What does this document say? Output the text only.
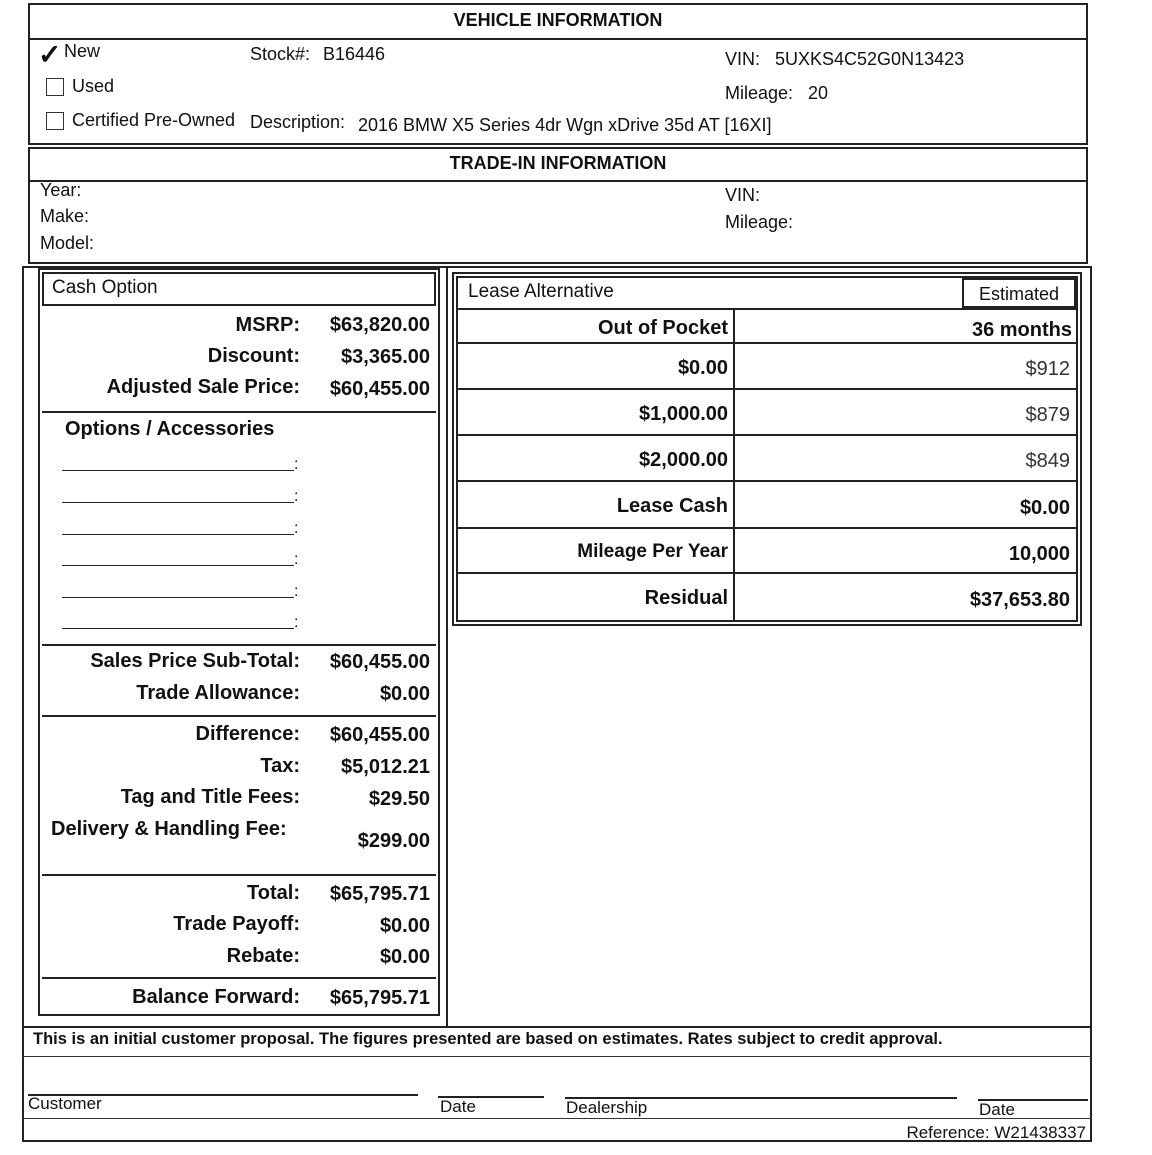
VEHICLE INFORMATION
✓ New
Used
Certified Pre-Owned
Stock#: B16446	VIN: 5UXKS4C52G0N13423
Mileage: 20
Description: 2016 BMW X5 Series 4dr Wgn xDrive 35d AT [16XI]
TRADE-IN INFORMATION
Year:
Make:
Model:
VIN:
Mileage:
Cash Option
MSRP:	$63,820.00
Discount:	$3,365.00
Adjusted Sale Price:	$60,455.00
Options / Accessories
:
:
:
:
:
:
Sales Price Sub-Total:	$60,455.00
Trade Allowance:	$0.00
Difference:	$60,455.00
Tax:	$5,012.21
Tag and Title Fees:	$29.50
Delivery & Handling Fee:
$299.00
Total:	$65,795.71
Trade Payoff:	$0.00
Rebate:	$0.00
Balance Forward:	$65,795.71
Lease Alternative	Estimated
Out of Pocket	36 months
$0.00	$912
$1,000.00	$879
$2,000.00	$849
Lease Cash	$0.00
Mileage Per Year	10,000
Residual	$37,653.80
This is an initial customer proposal. The figures presented are based on estimates. Rates subject to credit approval.
Customer	Date	Dealership	Date
Reference: W21438337
